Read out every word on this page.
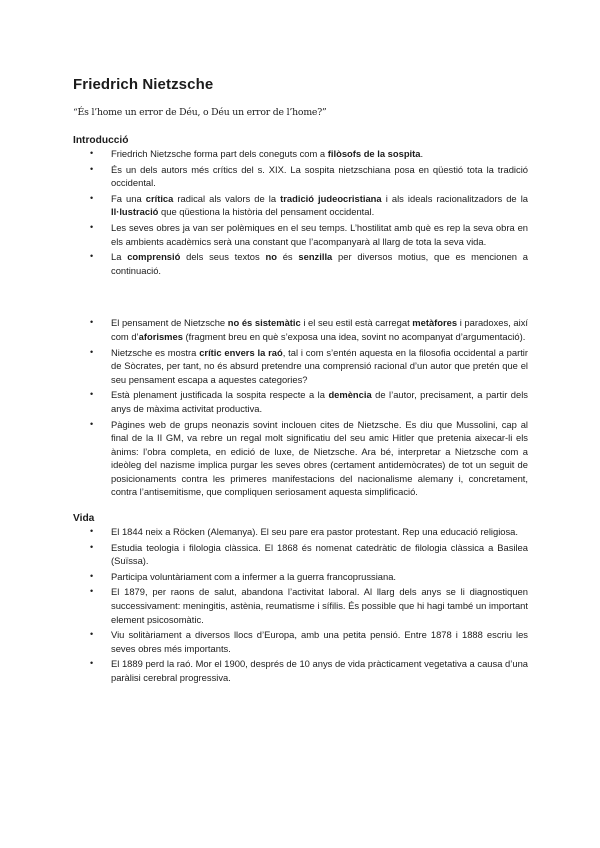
Friedrich Nietzsche

“És l’home un error de Déu, o Déu un error de l’home?”

Introducció
• Friedrich Nietzsche forma part dels coneguts com a filòsofs de la sospita.
• És un dels autors més crítics del s. XIX. La sospita nietzschiana posa en qüestió tota la tradició occidental.
• Fa una crítica radical als valors de la tradició judeocristiana i als ideals racionalitzadors de la Il·lustració que qüestiona la història del pensament occidental.
• Les seves obres ja van ser polèmiques en el seu temps. L’hostilitat amb què es rep la seva obra en els ambients acadèmics serà una constant que l’acompanyarà al llarg de tota la seva vida.
• La comprensió dels seus textos no és senzilla per diversos motius, que es mencionen a continuació.
• El pensament de Nietzsche no és sistemàtic i el seu estil està carregat metàfores i paradoxes, així com d’aforismes (fragment breu en què s’exposa una idea, sovint no acompanyat d’argumentació).
• Nietzsche es mostra crític envers la raó, tal i com s’entén aquesta en la filosofia occidental a partir de Sòcrates, per tant, no és absurd pretendre una comprensió racional d’un autor que pretén que el seu pensament escapa a aquestes categories?
• Està plenament justificada la sospita respecte a la demència de l’autor, precisament, a partir dels anys de màxima activitat productiva.
• Pàgines web de grups neonazis sovint inclouen cites de Nietzsche. Es diu que Mussolini, cap al final de la II GM, va rebre un regal molt significatiu del seu amic Hitler que pretenia aixecar-li els ànims: l’obra completa, en edició de luxe, de Nietzsche. Ara bé, interpretar a Nietzsche com a ideòleg del nazisme implica purgar les seves obres (certament antidemòcrates) de tot un seguit de posicionaments contra les primeres manifestacions del nacionalisme alemany i, concretament, contra l’antisemitisme, que compliquen seriosament aquesta simplificació.
Vida
• El 1844 neix a Röcken (Alemanya). El seu pare era pastor protestant. Rep una educació religiosa.
• Estudia teologia i filologia clàssica. El 1868 és nomenat catedràtic de filologia clàssica a Basilea (Suïssa).
• Participa voluntàriament com a infermer a la guerra francoprussiana.
• El 1879, per raons de salut, abandona l’activitat laboral. Al llarg dels anys se li diagnostiquen successivament: meningitis, astènia, reumatisme i sífilis. És possible que hi hagi també un important element psicosomàtic.
• Viu solitàriament a diversos llocs d’Europa, amb una petita pensió. Entre 1878 i 1888 escriu les seves obres més importants.
• El 1889 perd la raó. Mor el 1900, després de 10 anys de vida pràcticament vegetativa a causa d’una paràlisi cerebral progressiva.
